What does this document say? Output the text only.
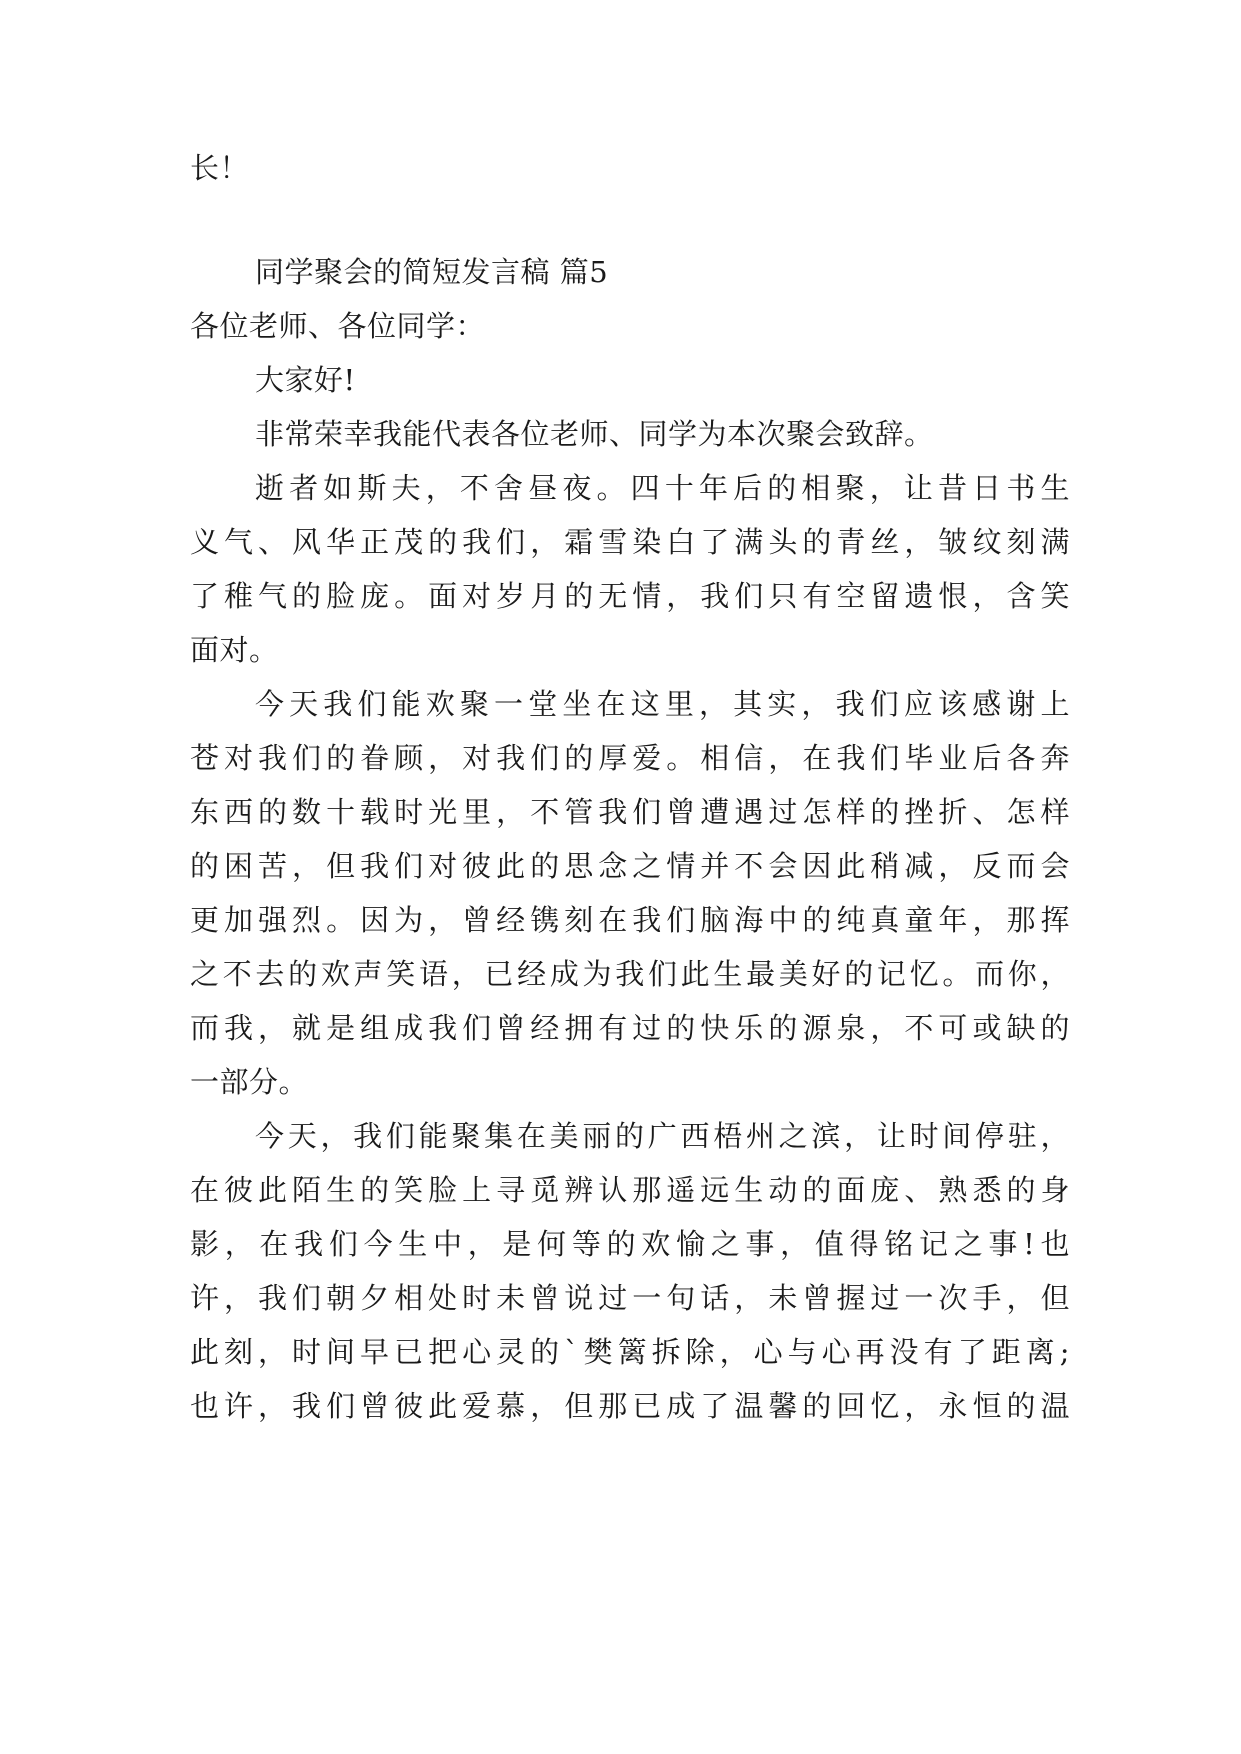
长！
同学聚会的简短发言稿 篇5
各位老师、各位同学：
大家好!
非常荣幸我能代表各位老师、同学为本次聚会致辞。
逝者如斯夫，不舍昼夜。四十年后的相聚，让昔日书生
义气、风华正茂的我们，霜雪染白了满头的青丝，皱纹刻满
了稚气的脸庞。面对岁月的无情，我们只有空留遗恨，含笑
面对。
今天我们能欢聚一堂坐在这里，其实，我们应该感谢上
苍对我们的眷顾，对我们的厚爱。相信，在我们毕业后各奔
东西的数十载时光里，不管我们曾遭遇过怎样的挫折、怎样
的困苦，但我们对彼此的思念之情并不会因此稍减，反而会
更加强烈。因为，曾经镌刻在我们脑海中的纯真童年，那挥
之不去的欢声笑语，已经成为我们此生最美好的记忆。而你，
而我，就是组成我们曾经拥有过的快乐的源泉，不可或缺的
一部分。
今天，我们能聚集在美丽的广西梧州之滨，让时间停驻，
在彼此陌生的笑脸上寻觅辨认那遥远生动的面庞、熟悉的身
影，在我们今生中，是何等的欢愉之事，值得铭记之事!也
许，我们朝夕相处时未曾说过一句话，未曾握过一次手，但
此刻，时间早已把心灵的`樊篱拆除，心与心再没有了距离;
也许，我们曾彼此爱慕，但那已成了温馨的回忆，永恒的温
